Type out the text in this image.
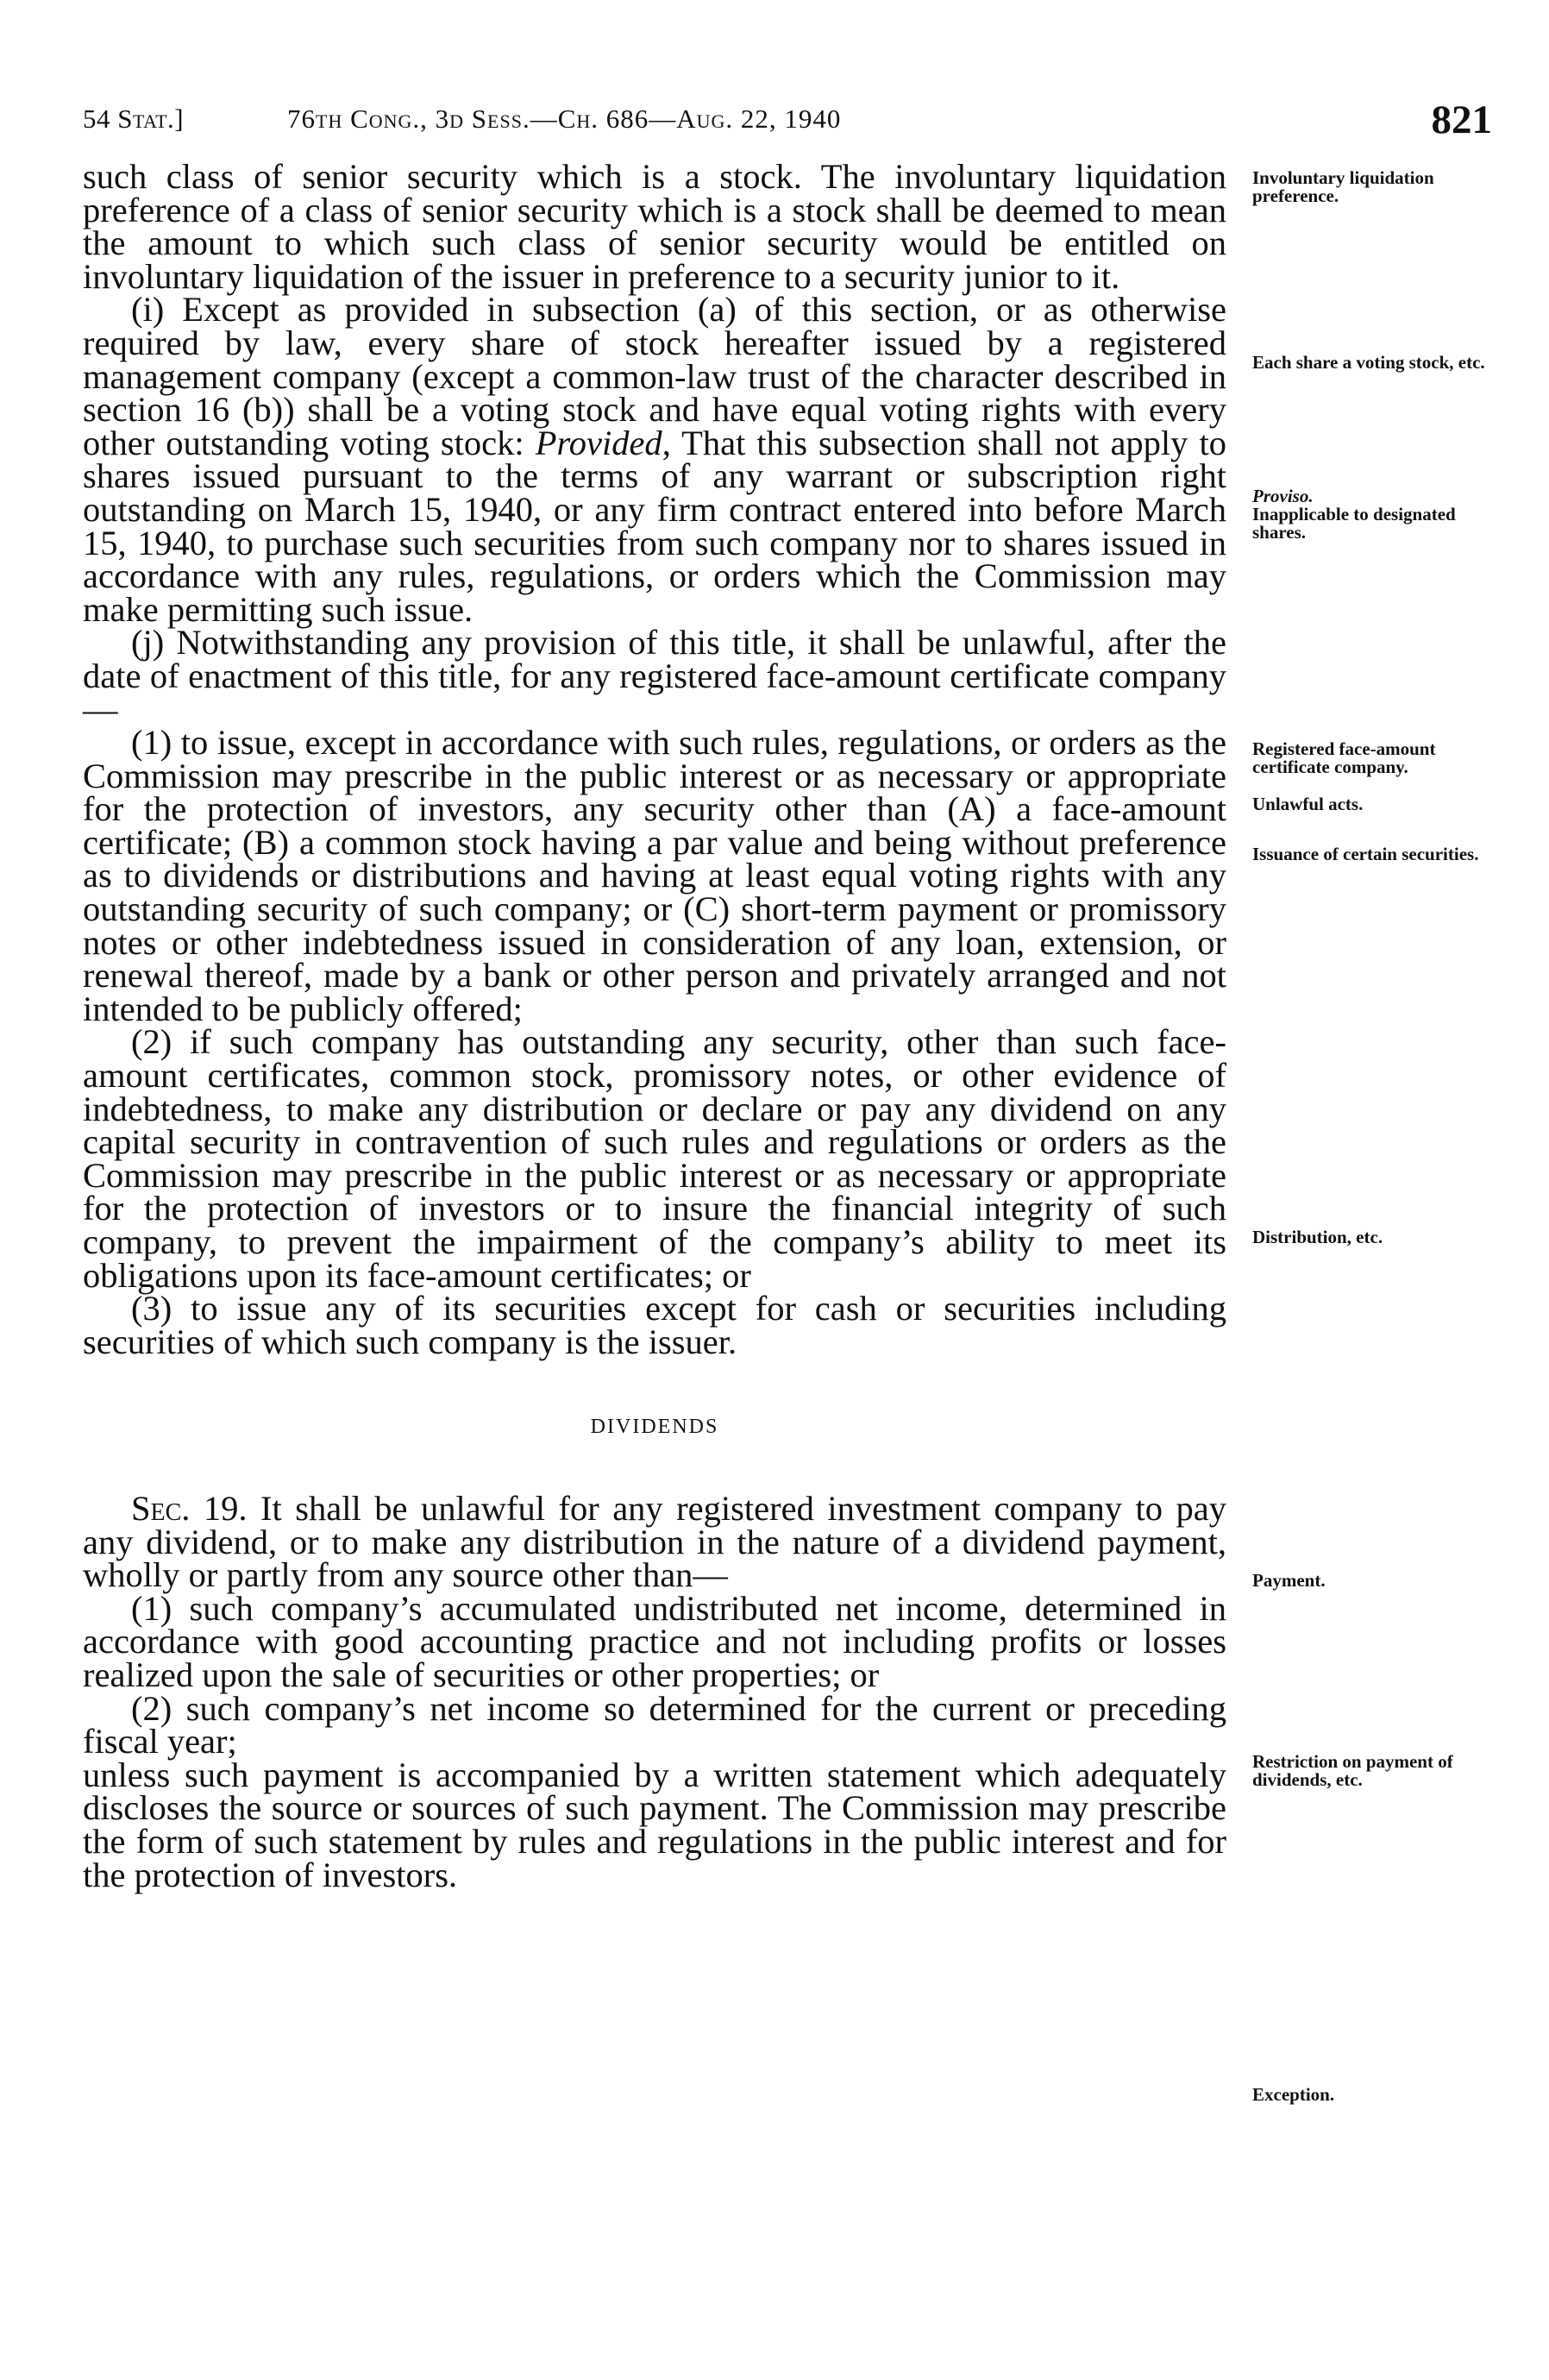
54 Stat.]	76th Cong., 3d Sess.—Ch. 686—Aug. 22, 1940	821

such class of senior security which is a stock. The involuntary liquidation preference of a class of senior security which is a stock shall be deemed to mean the amount to which such class of senior security would be entitled on involuntary liquidation of the issuer in preference to a security junior to it.

(i) Except as provided in subsection (a) of this section, or as otherwise required by law, every share of stock hereafter issued by a registered management company (except a common-law trust of the character described in section 16 (b)) shall be a voting stock and have equal voting rights with every other outstanding voting stock: Provided, That this subsection shall not apply to shares issued pursuant to the terms of any warrant or subscription right outstanding on March 15, 1940, or any firm contract entered into before March 15, 1940, to purchase such securities from such company nor to shares issued in accordance with any rules, regulations, or orders which the Commission may make permitting such issue.

(j) Notwithstanding any provision of this title, it shall be unlawful, after the date of enactment of this title, for any registered face-amount certificate company—

(1) to issue, except in accordance with such rules, regulations, or orders as the Commission may prescribe in the public interest or as necessary or appropriate for the protection of investors, any security other than (A) a face-amount certificate; (B) a common stock having a par value and being without preference as to dividends or distributions and having at least equal voting rights with any outstanding security of such company; or (C) short-term payment or promissory notes or other indebtedness issued in consideration of any loan, extension, or renewal thereof, made by a bank or other person and privately arranged and not intended to be publicly offered;

(2) if such company has outstanding any security, other than such face-amount certificates, common stock, promissory notes, or other evidence of indebtedness, to make any distribution or declare or pay any dividend on any capital security in contravention of such rules and regulations or orders as the Commission may prescribe in the public interest or as necessary or appropriate for the protection of investors or to insure the financial integrity of such company, to prevent the impairment of the company’s ability to meet its obligations upon its face-amount certificates; or

(3) to issue any of its securities except for cash or securities including securities of which such company is the issuer.

DIVIDENDS

Sec. 19. It shall be unlawful for any registered investment company to pay any dividend, or to make any distribution in the nature of a dividend payment, wholly or partly from any source other than—

(1) such company’s accumulated undistributed net income, determined in accordance with good accounting practice and not including profits or losses realized upon the sale of securities or other properties; or

(2) such company’s net income so determined for the current or preceding fiscal year;

unless such payment is accompanied by a written statement which adequately discloses the source or sources of such payment. The Commission may prescribe the form of such statement by rules and regulations in the public interest and for the protection of investors.

Involuntary liquidation preference.
Each share a voting stock, etc.
Proviso.
Inapplicable to designated shares.
Registered face-amount certificate company.
Unlawful acts.
Issuance of certain securities.
Distribution, etc.
Payment.
Restriction on payment of dividends, etc.
Exception.
